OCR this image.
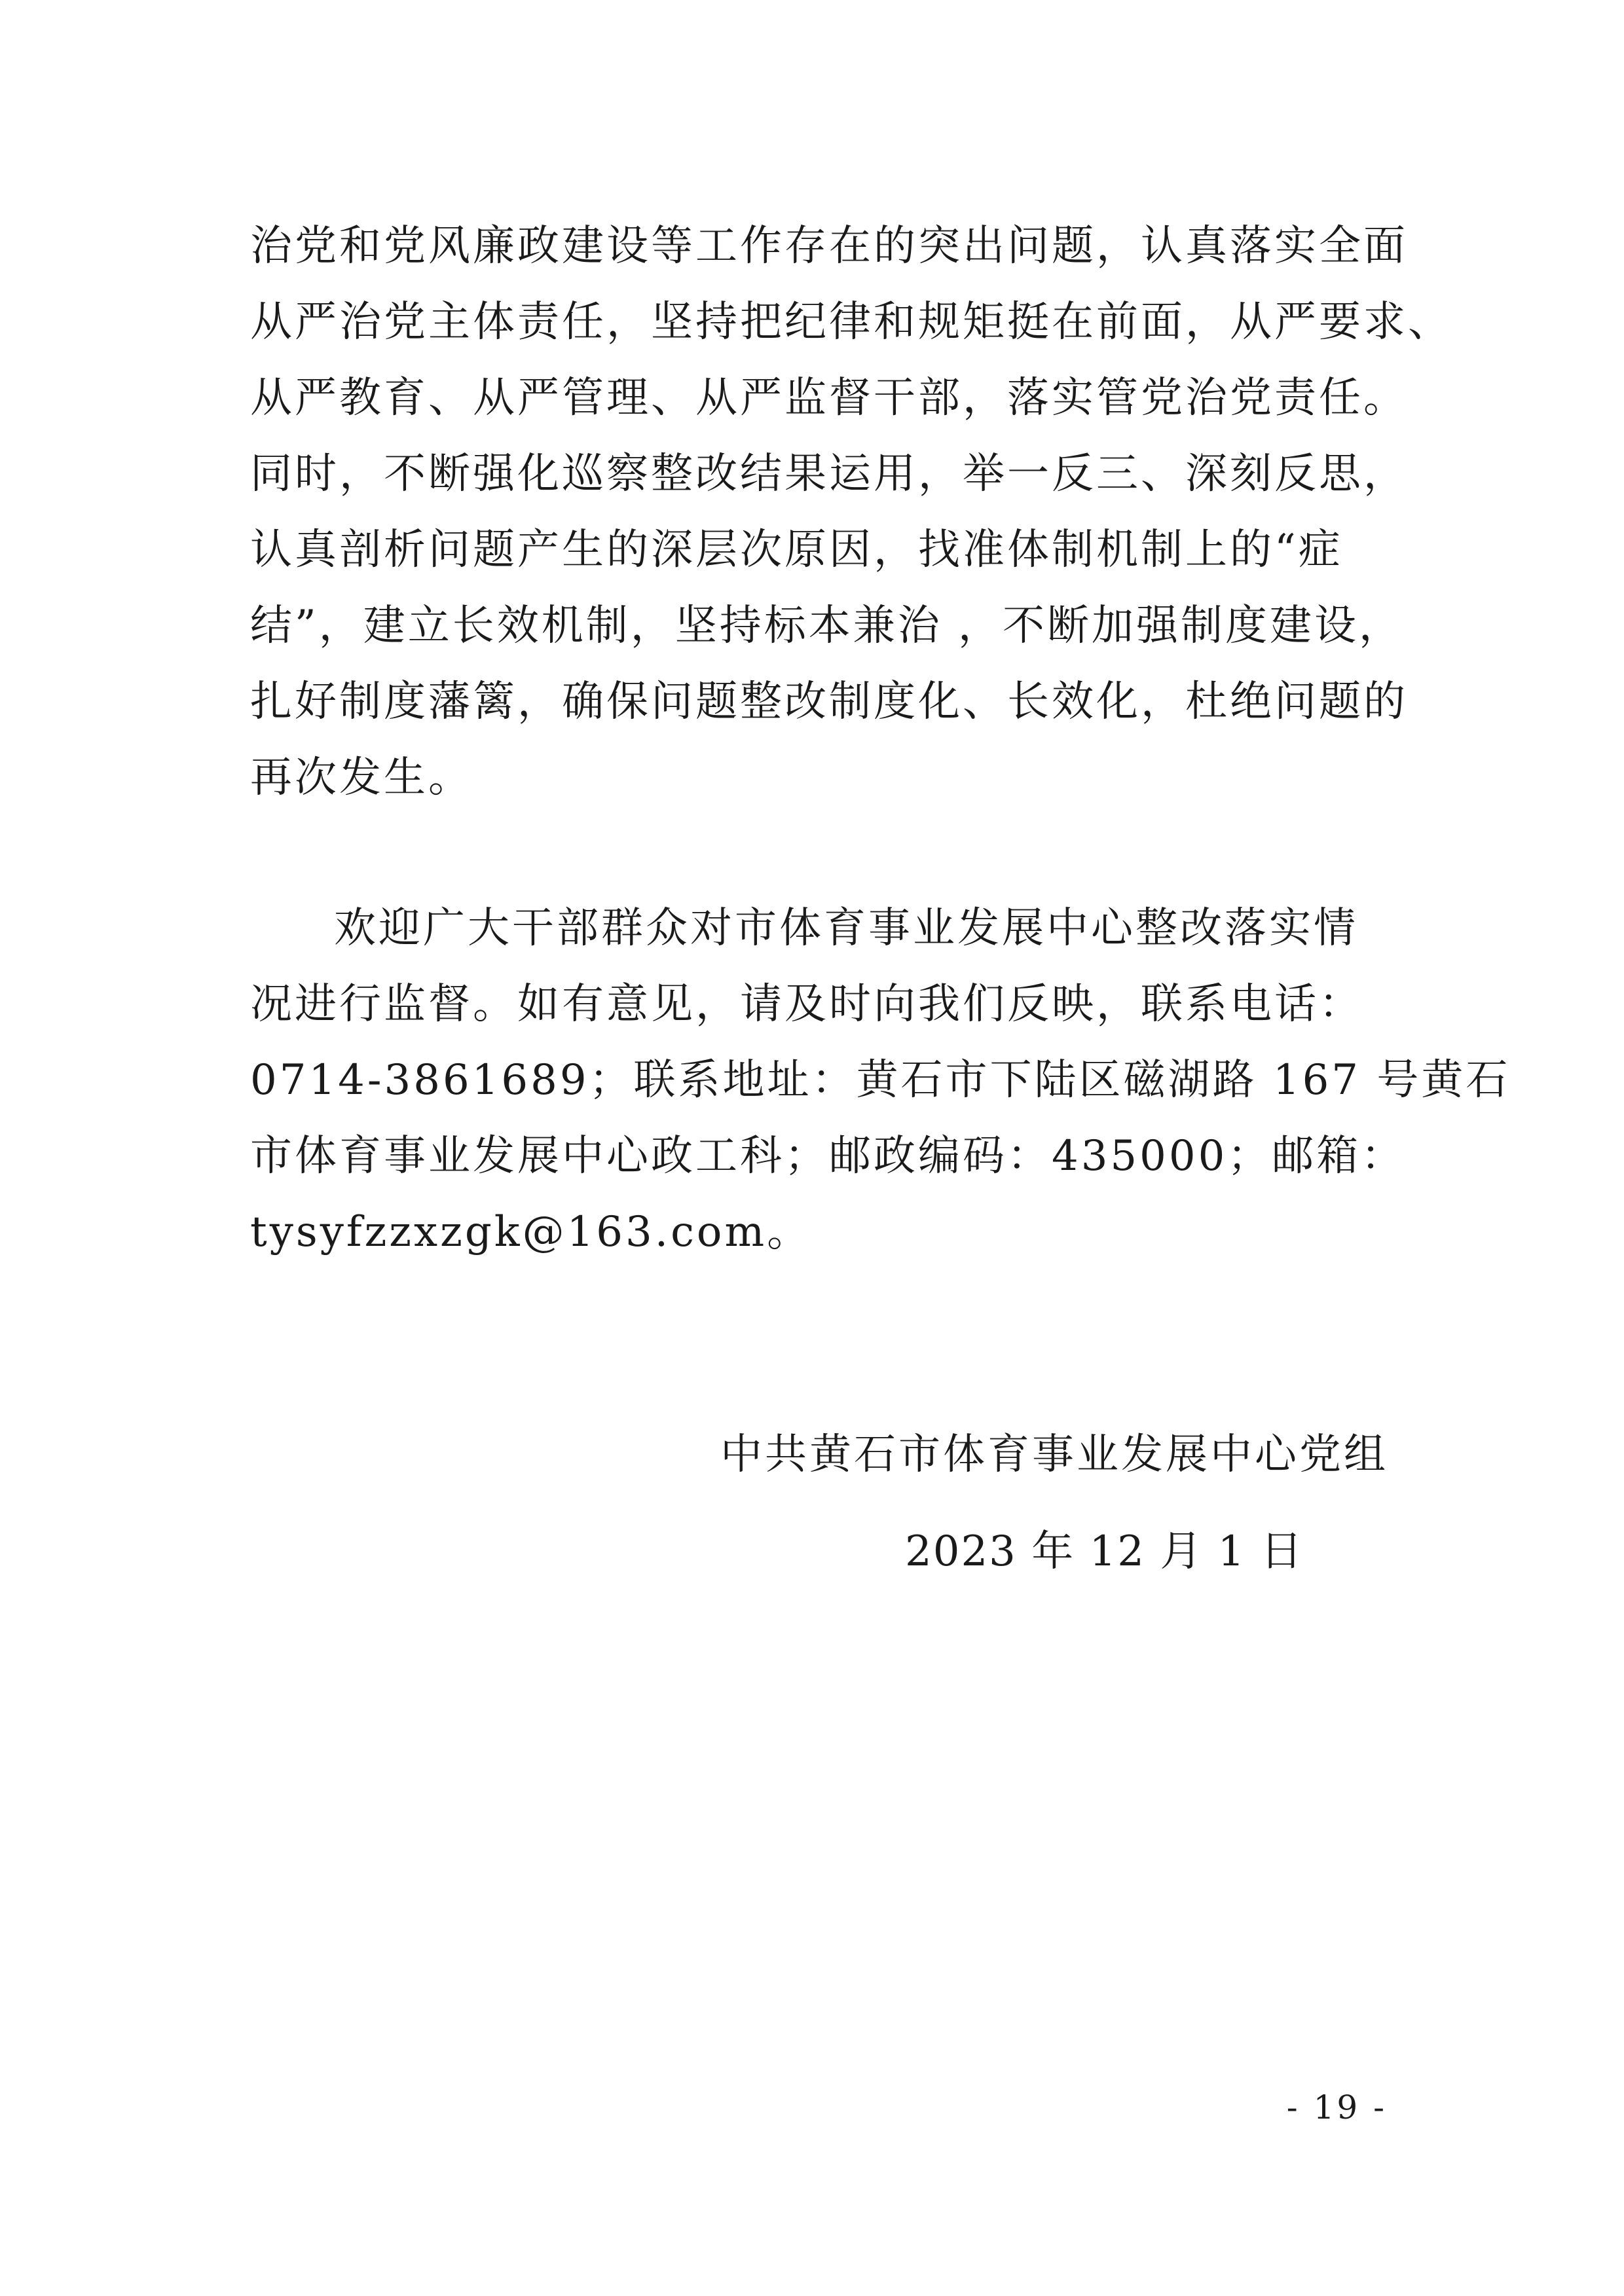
治党和党风廉政建设等工作存在的突出问题，认真落实全面
从严治党主体责任，坚持把纪律和规矩挺在前面，从严要求、
从严教育、从严管理、从严监督干部，落实管党治党责任。
同时，不断强化巡察整改结果运用，举一反三、深刻反思，
认真剖析问题产生的深层次原因，找准体制机制上的“症
结”，建立长效机制，坚持标本兼治 ，不断加强制度建设，
扎好制度藩篱，确保问题整改制度化、长效化，杜绝问题的
再次发生。
欢迎广大干部群众对市体育事业发展中心整改落实情
况进行监督。如有意见，请及时向我们反映，联系电话：
0714-3861689；联系地址：黄石市下陆区磁湖路 167 号黄石
市体育事业发展中心政工科；邮政编码：435000；邮箱：
tysyfzzxzgk@163.com。
中共黄石市体育事业发展中心党组
2023 年 12 月 1 日
- 19 -
